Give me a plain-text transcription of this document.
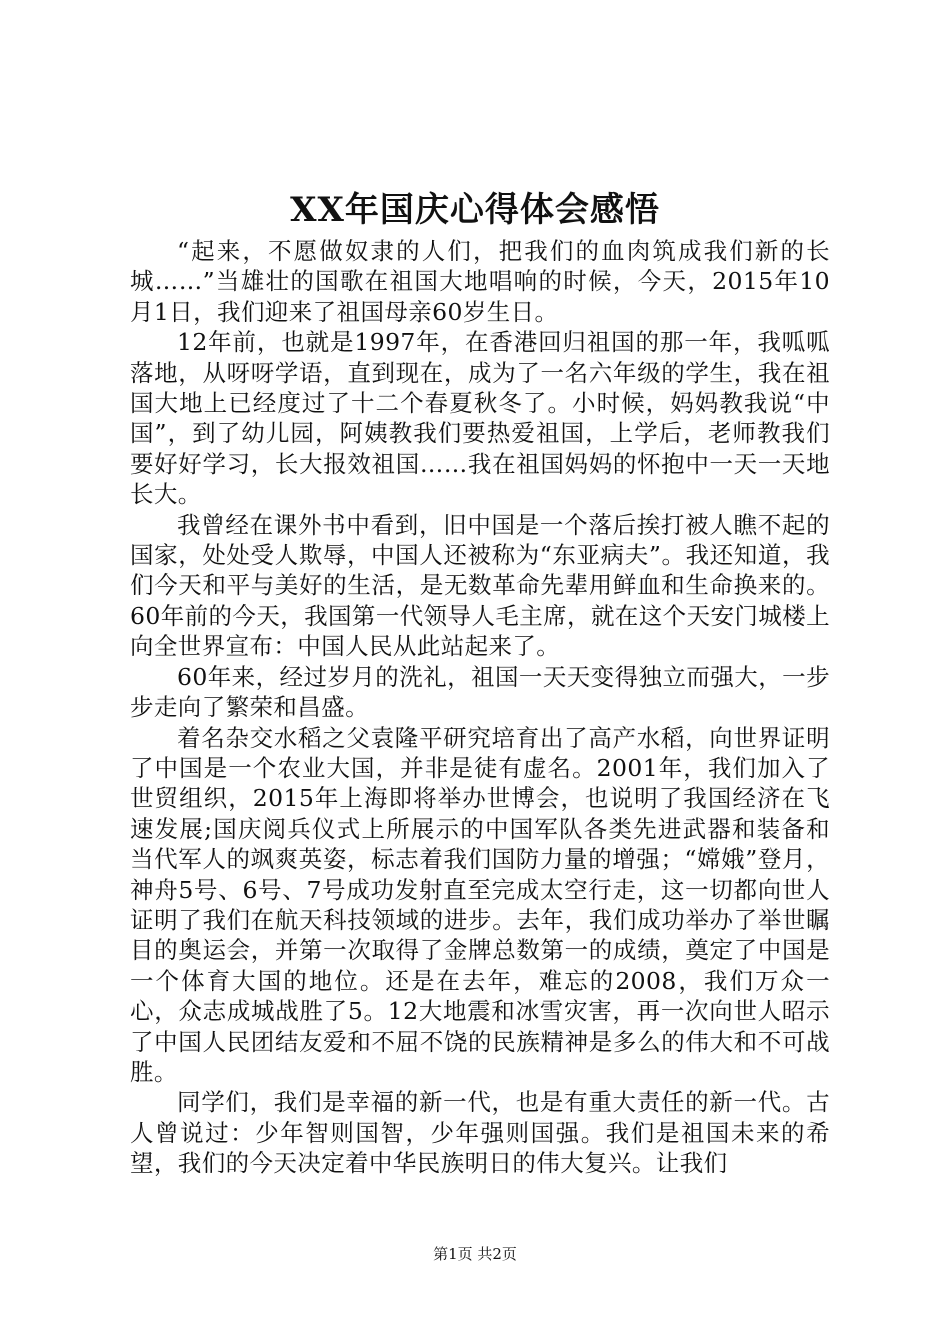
XX年国庆心得体会感悟

“起来，不愿做奴隶的人们，把我们的血肉筑成我们新的长城……”当雄壮的国歌在祖国大地唱响的时候，今天，2015年10月1日，我们迎来了祖国母亲60岁生日。

12年前，也就是1997年，在香港回归祖国的那一年，我呱呱落地，从呀呀学语，直到现在，成为了一名六年级的学生，我在祖国大地上已经度过了十二个春夏秋冬了。小时候，妈妈教我说“中国”，到了幼儿园，阿姨教我们要热爱祖国，上学后，老师教我们要好好学习，长大报效祖国……我在祖国妈妈的怀抱中一天一天地长大。

我曾经在课外书中看到，旧中国是一个落后挨打被人瞧不起的国家，处处受人欺辱，中国人还被称为“东亚病夫”。我还知道，我们今天和平与美好的生活，是无数革命先辈用鲜血和生命换来的。60年前的今天，我国第一代领导人毛主席，就在这个天安门城楼上向全世界宣布：中国人民从此站起来了。

60年来，经过岁月的洗礼，祖国一天天变得独立而强大，一步步走向了繁荣和昌盛。

着名杂交水稻之父袁隆平研究培育出了高产水稻，向世界证明了中国是一个农业大国，并非是徒有虚名。2001年，我们加入了世贸组织，2015年上海即将举办世博会，也说明了我国经济在飞速发展;国庆阅兵仪式上所展示的中国军队各类先进武器和装备和当代军人的飒爽英姿，标志着我们国防力量的增强；“嫦娥”登月，神舟5号、6号、7号成功发射直至完成太空行走，这一切都向世人证明了我们在航天科技领域的进步。去年，我们成功举办了举世瞩目的奥运会，并第一次取得了金牌总数第一的成绩，奠定了中国是一个体育大国的地位。还是在去年，难忘的2008，我们万众一心，众志成城战胜了5。12大地震和冰雪灾害，再一次向世人昭示了中国人民团结友爱和不屈不饶的民族精神是多么的伟大和不可战胜。

同学们，我们是幸福的新一代，也是有重大责任的新一代。古人曾说过：少年智则国智，少年强则国强。我们是祖国未来的希望，我们的今天决定着中华民族明日的伟大复兴。让我们

第1页 共2页
